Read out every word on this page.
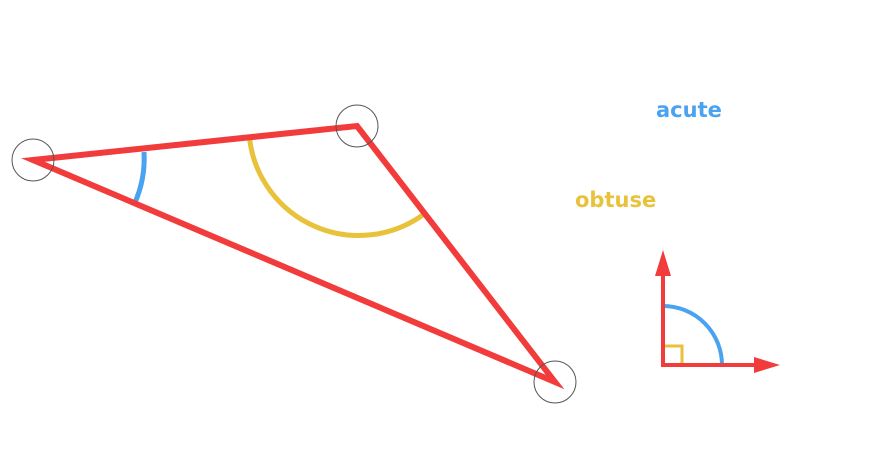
acute
obtuse
